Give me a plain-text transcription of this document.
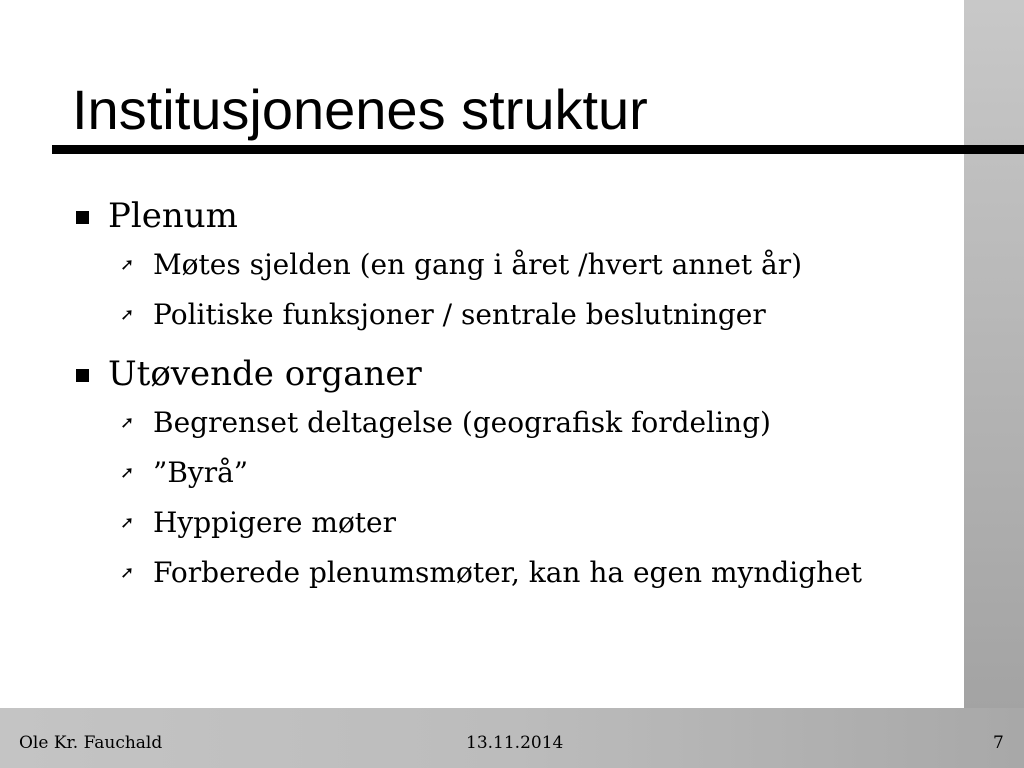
Institusjonenes struktur
Plenum
➚ Møtes sjelden (en gang i året /hvert annet år)
➚ Politiske funksjoner / sentrale beslutninger
Utøvende organer
➚ Begrenset deltagelse (geografisk fordeling)
➚ ”Byrå”
➚ Hyppigere møter
➚ Forberede plenumsmøter, kan ha egen myndighet
Ole Kr. Fauchald	13.11.2014	7
